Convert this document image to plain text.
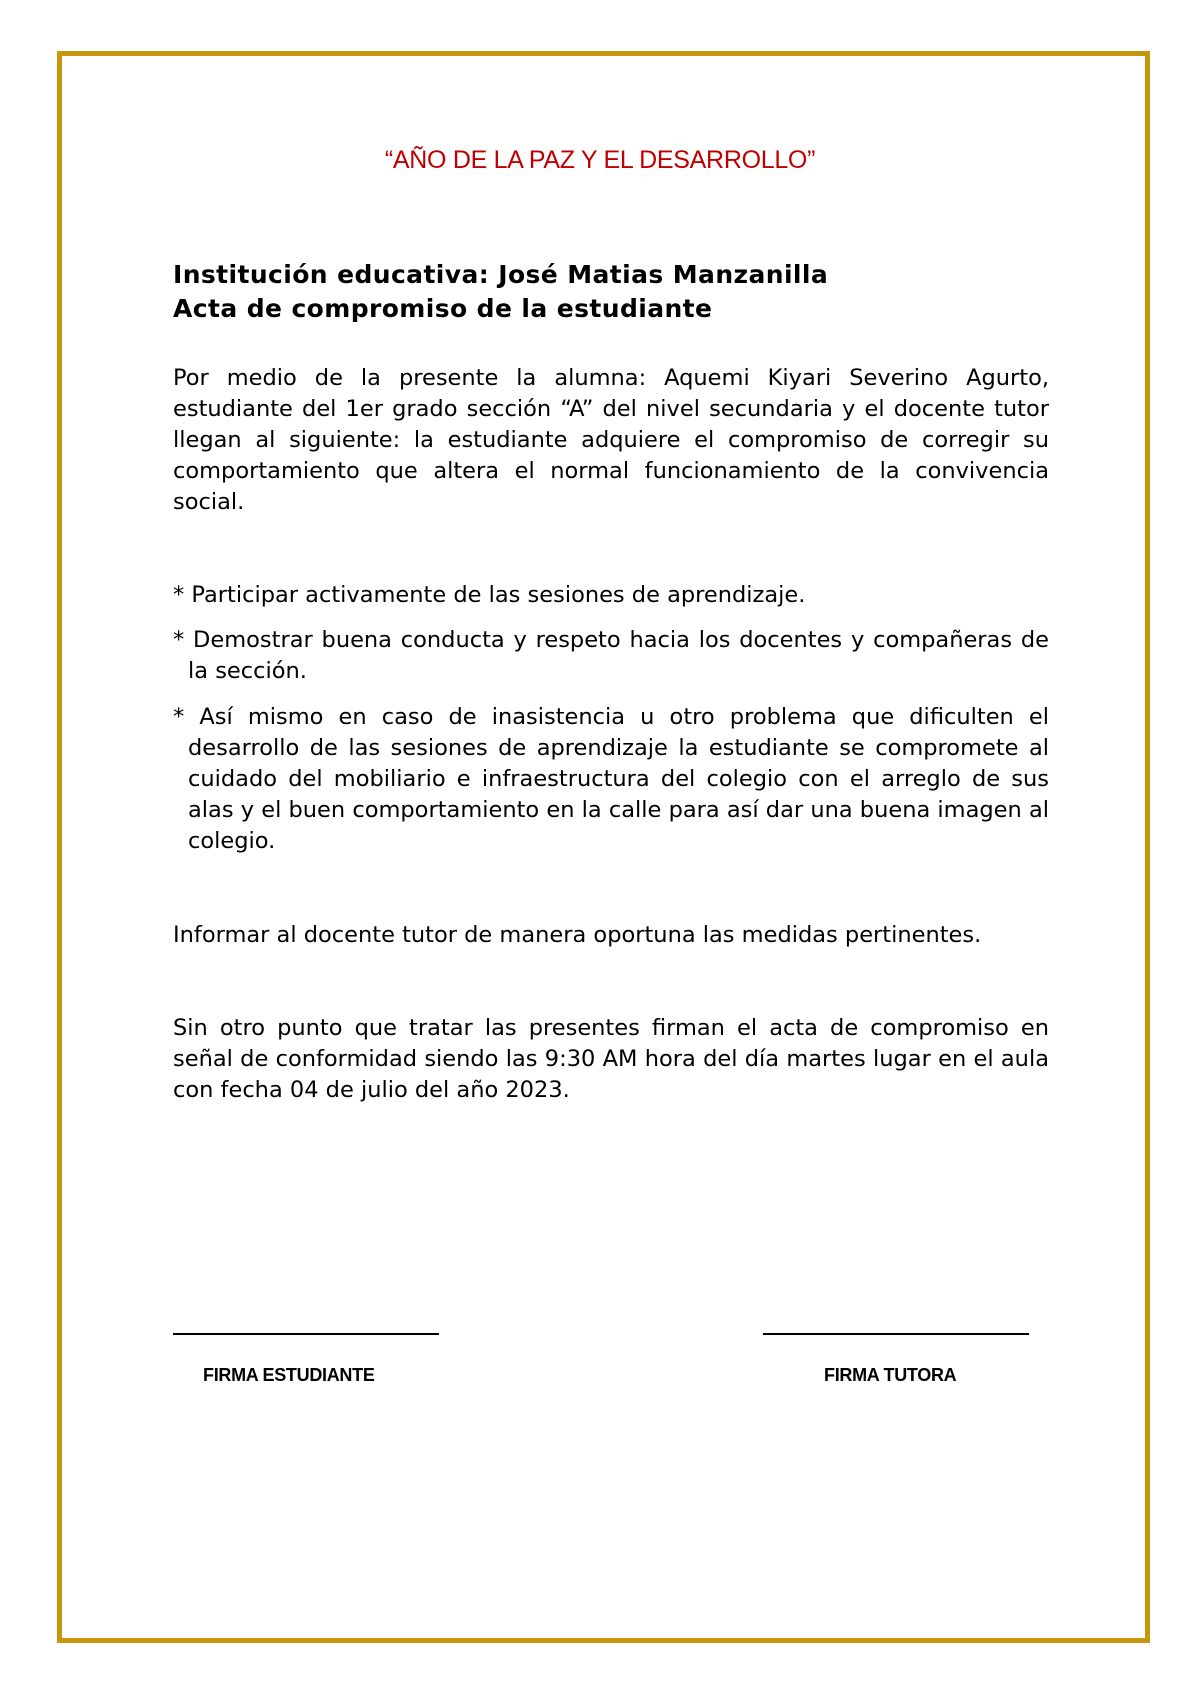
“AÑO DE LA PAZ Y EL DESARROLLO”
Institución educativa: José Matias Manzanilla
Acta de compromiso de la estudiante

Por medio de la presente la alumna: Aquemi Kiyari Severino Agurto, estudiante del 1er grado sección “A” del nivel secundaria y el docente tutor llegan al siguiente: la estudiante adquiere el compromiso de corregir su comportamiento que altera el normal funcionamiento de la convivencia social.

* Participar activamente de las sesiones de aprendizaje.

* Demostrar buena conducta y respeto hacia los docentes y compañeras de la sección.

* Así mismo en caso de inasistencia u otro problema que dificulten el desarrollo de las sesiones de aprendizaje la estudiante se compromete al cuidado del mobiliario e infraestructura del colegio con el arreglo de sus alas y el buen comportamiento en la calle para así dar una buena imagen al colegio.

Informar al docente tutor de manera oportuna las medidas pertinentes.

Sin otro punto que tratar las presentes firman el acta de compromiso en señal de conformidad siendo las 9:30 AM hora del día martes lugar en el aula con fecha 04 de julio del año 2023.

FIRMA ESTUDIANTE	FIRMA TUTORA
